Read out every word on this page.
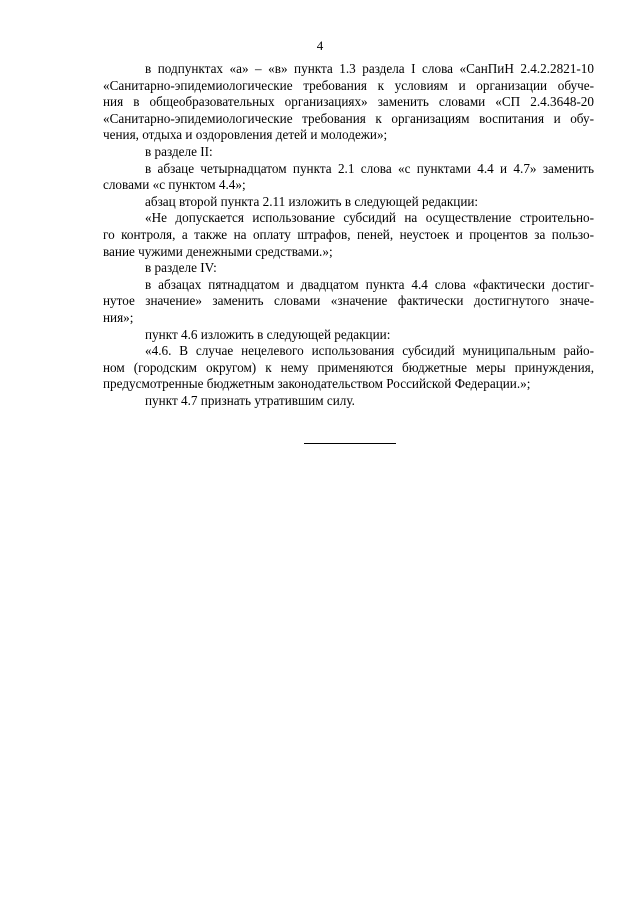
4
в подпунктах «а» – «в» пункта 1.3 раздела I слова «СанПиН 2.4.2.2821-10
«Санитарно-эпидемиологические требования к условиям и организации обуче-
ния в общеобразовательных организациях» заменить словами «СП 2.4.3648-20
«Санитарно-эпидемиологические требования к организациям воспитания и обу-
чения, отдыха и оздоровления детей и молодежи»;
в разделе II:
в абзаце четырнадцатом пункта 2.1 слова «с пунктами 4.4 и 4.7» заменить
словами «с пунктом 4.4»;
абзац второй пункта 2.11 изложить в следующей редакции:
«Не допускается использование субсидий на осуществление строительно-
го контроля, а также на оплату штрафов, пеней, неустоек и процентов за пользо-
вание чужими денежными средствами.»;
в разделе IV:
в абзацах пятнадцатом и двадцатом пункта 4.4 слова «фактически достиг-
нутое значение» заменить словами «значение фактически достигнутого значе-
ния»;
пункт 4.6 изложить в следующей редакции:
«4.6. В случае нецелевого использования субсидий муниципальным райо-
ном (городским округом) к нему применяются бюджетные меры принуждения,
предусмотренные бюджетным законодательством Российской Федерации.»;
пункт 4.7 признать утратившим силу.
